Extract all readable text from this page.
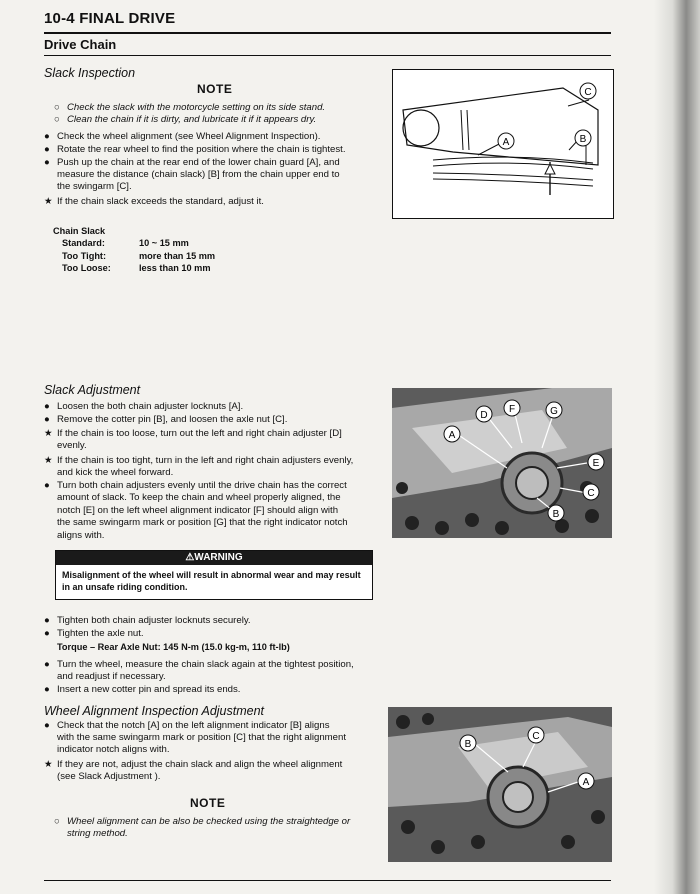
10-4 FINAL DRIVE
Drive Chain
Slack Inspection
NOTE
○ Check the slack with the motorcycle setting on its side stand.
○ Clean the chain if it is dirty, and lubricate it if it appears dry.
● Check the wheel alignment (see Wheel Alignment Inspection).
● Rotate the rear wheel to find the position where the chain is tightest.
● Push up the chain at the rear end of the lower chain guard [A], and
measure the distance (chain slack) [B] from the chain upper end to
the swingarm [C].
★ If the chain slack exceeds the standard, adjust it.
Chain Slack
Standard:	10 ~ 15 mm
Too Tight:	more than 15 mm
Too Loose:	less than 10 mm
C
A	B
Slack Adjustment
● Loosen the both chain adjuster locknuts [A].
● Remove the cotter pin [B], and loosen the axle nut [C].
★ If the chain is too loose, turn out the left and right chain adjuster [D]
evenly.
★ If the chain is too tight, turn in the left and right chain adjusters evenly,
and kick the wheel forward.
● Turn both chain adjusters evenly until the drive chain has the correct
amount of slack. To keep the chain and wheel properly aligned, the
notch [E] on the left wheel alignment indicator [F] should align with
the same swingarm mark or position [G] that the right indicator notch
aligns with.
⚠WARNING
Misalignment of the wheel will result in abnormal wear and may result in an unsafe riding condition.
● Tighten both chain adjuster locknuts securely.
● Tighten the axle nut.
Torque – Rear Axle Nut: 145 N-m (15.0 kg-m, 110 ft-lb)
● Turn the wheel, measure the chain slack again at the tightest position,
and readjust if necessary.
● Insert a new cotter pin and spread its ends.
D
F	G
A
E
C
B
Wheel Alignment Inspection Adjustment
● Check that the notch [A] on the left alignment indicator [B] aligns
with the same swingarm mark or position [C] that the right alignment
indicator notch aligns with.
★ If they are not, adjust the chain slack and align the wheel alignment
(see Slack Adjustment ).
NOTE
○ Wheel alignment can be also be checked using the straightedge or
string method.
C
B
A
